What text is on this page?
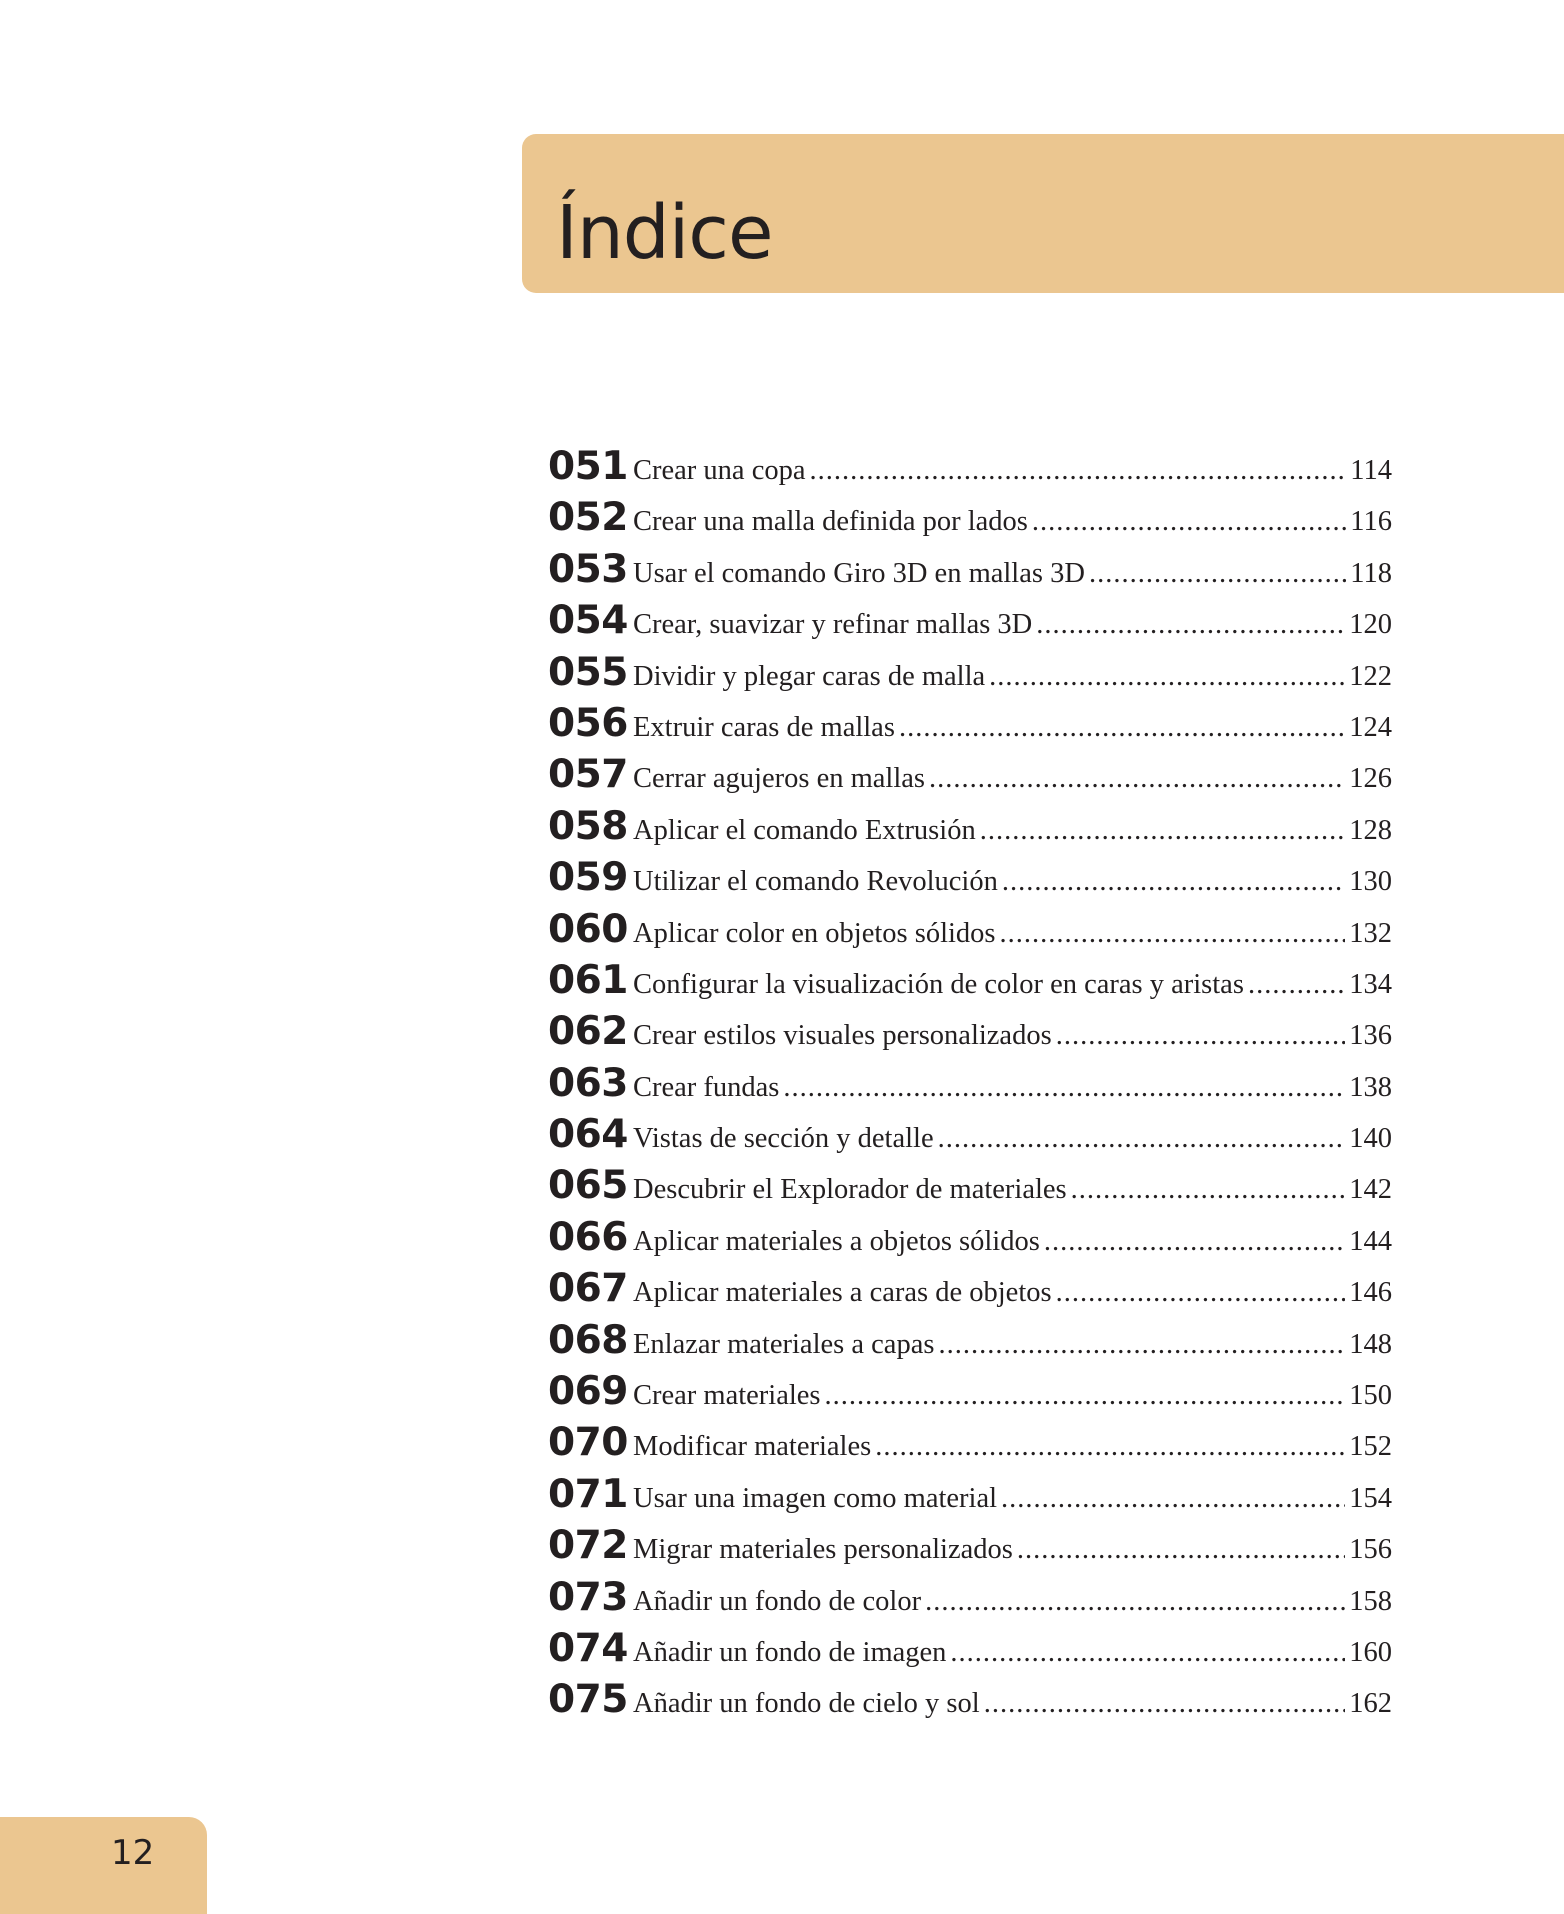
Índice
051 Crear una copa .....	114
052 Crear una malla definida por lados .....	116
053 Usar el comando Giro 3D en mallas 3D .....	118
054 Crear, suavizar y refinar mallas 3D .....	120
055 Dividir y plegar caras de malla .....	122
056 Extruir caras de mallas .....	124
057 Cerrar agujeros en mallas .....	126
058 Aplicar el comando Extrusión .....	128
059 Utilizar el comando Revolución .....	130
060 Aplicar color en objetos sólidos .....	132
061 Configurar la visualización de color en caras y aristas .....	134
062 Crear estilos visuales personalizados .....	136
063 Crear fundas .....	138
064 Vistas de sección y detalle .....	140
065 Descubrir el Explorador de materiales .....	142
066 Aplicar materiales a objetos sólidos .....	144
067 Aplicar materiales a caras de objetos .....	146
068 Enlazar materiales a capas .....	148
069 Crear materiales .....	150
070 Modificar materiales .....	152
071 Usar una imagen como material .....	154
072 Migrar materiales personalizados .....	156
073 Añadir un fondo de color .....	158
074 Añadir un fondo de imagen .....	160
075 Añadir un fondo de cielo y sol .....	162
12
